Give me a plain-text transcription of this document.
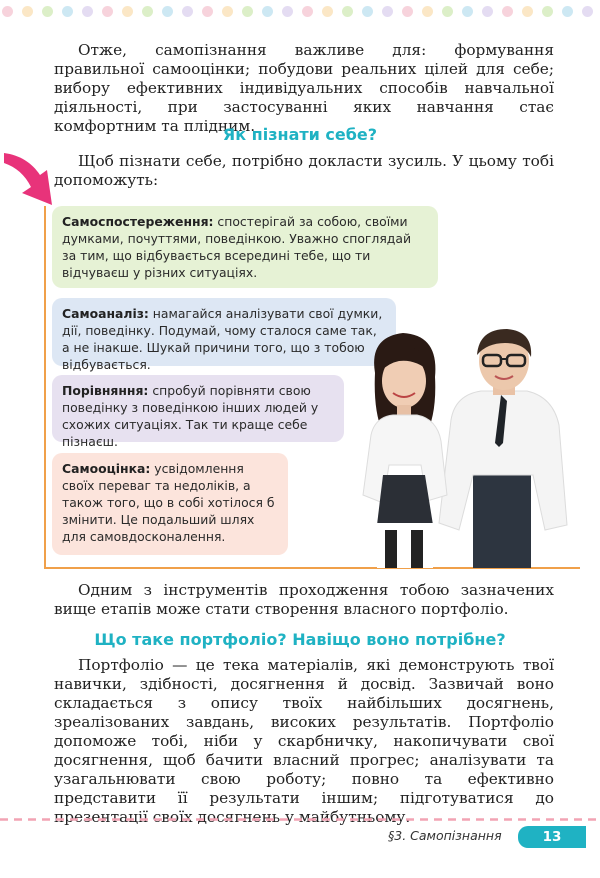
Отже, самопізнання важливе для: формування правильної самооцінки; побудови реальних цілей для себе; вибору ефективних індивідуальних способів навчальної діяльності, при застосуванні яких навчання стає комфортним та плідним.

Як пізнати себе?

Щоб пізнати себе, потрібно докласти зусиль. У цьому тобі допоможуть:

Самоспостереження: спостерігай за собою, своїми думками, почуттями, поведінкою. Уважно споглядай за тим, що відбувається всередині тебе, що ти відчуваєш у різних ситуаціях.
Самоаналіз: намагайся аналізувати свої думки, дії, поведінку. Подумай, чому сталося саме так, а не інакше. Шукай причини того, що з тобою відбувається.
Порівняння: спробуй порівняти свою поведінку з поведінкою інших людей у схожих ситуаціях. Так ти краще себе пізнаєш.
Самооцінка: усвідомлення своїх переваг та недоліків, а також того, що в собі хотілося б змінити. Це подальший шлях для самовдосконалення.

Одним з інструментів проходження тобою зазначених вище етапів може стати створення власного портфоліо.

Що таке портфоліо? Навіщо воно потрібне?

Портфоліо — це тека матеріалів, які демонструють твої навички, здібності, досягнення й досвід. Зазвичай воно складається з опису твоїх найбільших досягнень, зреалізованих завдань, високих результатів. Портфоліо допоможе тобі, ніби у скарбничку, накопичувати свої досягнення, щоб бачити власний прогрес; аналізувати та узагальнювати свою роботу; повно та ефективно представити її результати іншим; підготуватися до презентації своїх досягнень у майбутньому.

§3. Самопізнання	13
